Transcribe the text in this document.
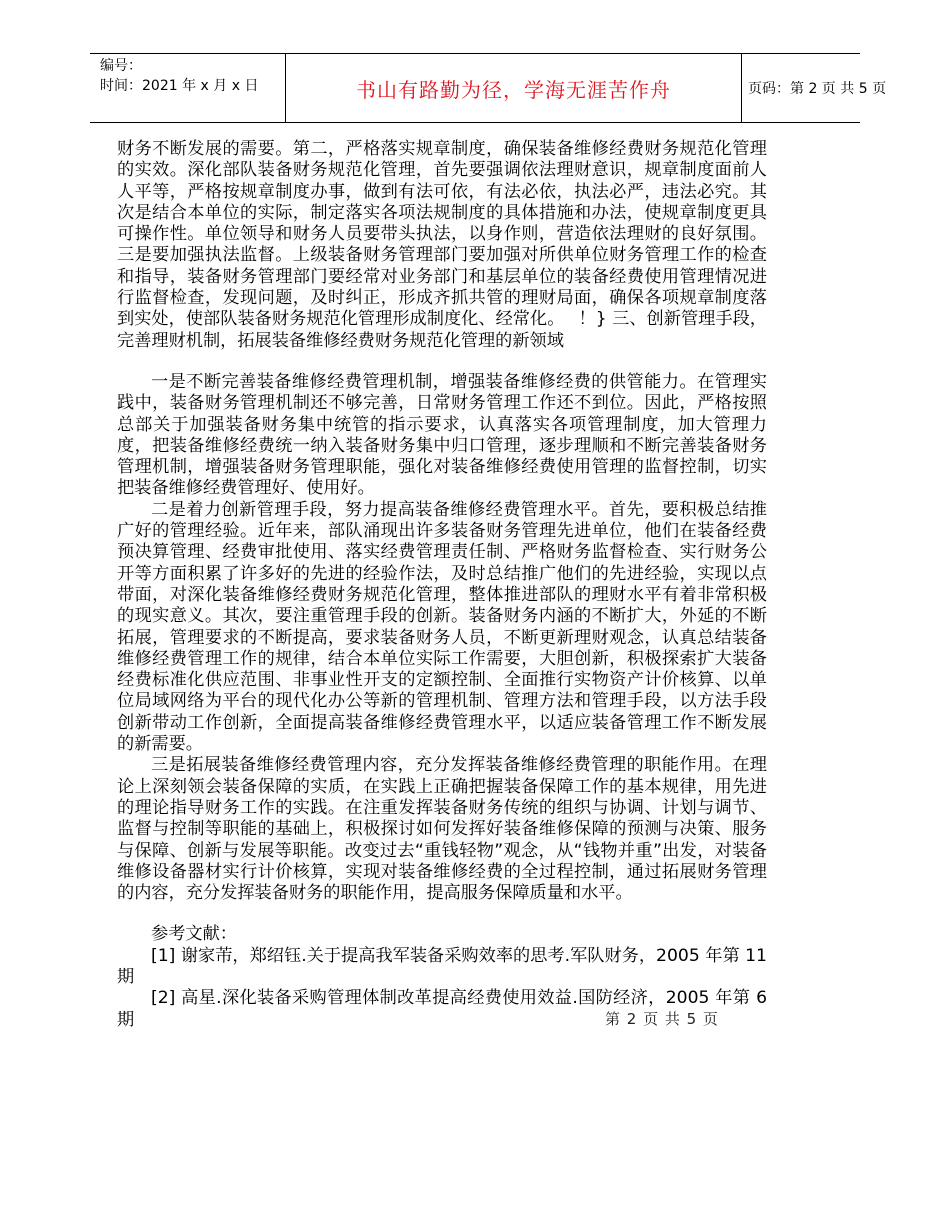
编号：
时间：2021 年 x 月 x 日	书山有路勤为径，学海无涯苦作舟	页码：第 2 页 共 5 页

财务不断发展的需要。第二，严格落实规章制度，确保装备维修经费财务规范化管理的实效。深化部队装备财务规范化管理，首先要强调依法理财意识，规章制度面前人人平等，严格按规章制度办事，做到有法可依，有法必依，执法必严，违法必究。其次是结合本单位的实际，制定落实各项法规制度的具体措施和办法，使规章制度更具可操作性。单位领导和财务人员要带头执法，以身作则，营造依法理财的良好氛围。三是要加强执法监督。上级装备财务管理部门要加强对所供单位财务管理工作的检查和指导，装备财务管理部门要经常对业务部门和基层单位的装备经费使用管理情况进行监督检查，发现问题，及时纠正，形成齐抓共管的理财局面，确保各项规章制度落到实处，使部队装备财务规范化管理形成制度化、经常化。　 ！} 三、创新管理手段，完善理财机制，拓展装备维修经费财务规范化管理的新领域

一是不断完善装备维修经费管理机制，增强装备维修经费的供管能力。在管理实践中，装备财务管理机制还不够完善，日常财务管理工作还不到位。因此，严格按照总部关于加强装备财务集中统管的指示要求，认真落实各项管理制度，加大管理力度，把装备维修经费统一纳入装备财务集中归口管理，逐步理顺和不断完善装备财务管理机制，增强装备财务管理职能，强化对装备维修经费使用管理的监督控制，切实把装备维修经费管理好、使用好。

二是着力创新管理手段，努力提高装备维修经费管理水平。首先，要积极总结推广好的管理经验。近年来，部队涌现出许多装备财务管理先进单位，他们在装备经费预决算管理、经费审批使用、落实经费管理责任制、严格财务监督检查、实行财务公开等方面积累了许多好的先进的经验作法，及时总结推广他们的先进经验，实现以点带面，对深化装备维修经费财务规范化管理，整体推进部队的理财水平有着非常积极的现实意义。其次，要注重管理手段的创新。装备财务内涵的不断扩大，外延的不断拓展，管理要求的不断提高，要求装备财务人员，不断更新理财观念，认真总结装备维修经费管理工作的规律，结合本单位实际工作需要，大胆创新，积极探索扩大装备经费标准化供应范围、非事业性开支的定额控制、全面推行实物资产计价核算、以单位局域网络为平台的现代化办公等新的管理机制、管理方法和管理手段，以方法手段创新带动工作创新，全面提高装备维修经费管理水平，以适应装备管理工作不断发展的新需要。

三是拓展装备维修经费管理内容，充分发挥装备维修经费管理的职能作用。在理论上深刻领会装备保障的实质，在实践上正确把握装备保障工作的基本规律，用先进的理论指导财务工作的实践。在注重发挥装备财务传统的组织与协调、计划与调节、监督与控制等职能的基础上，积极探讨如何发挥好装备维修保障的预测与决策、服务与保障、创新与发展等职能。改变过去“重钱轻物”观念，从“钱物并重”出发，对装备维修设备器材实行计价核算，实现对装备维修经费的全过程控制，通过拓展财务管理的内容，充分发挥装备财务的职能作用，提高服务保障质量和水平。

参考文献：

[1] 谢家芾，郑绍钰.关于提高我军装备采购效率的思考.军队财务，2005 年第 11 期

[2] 高星.深化装备采购管理体制改革提高经费使用效益.国防经济，2005 年第 6 期	第 2 页 共 5 页
